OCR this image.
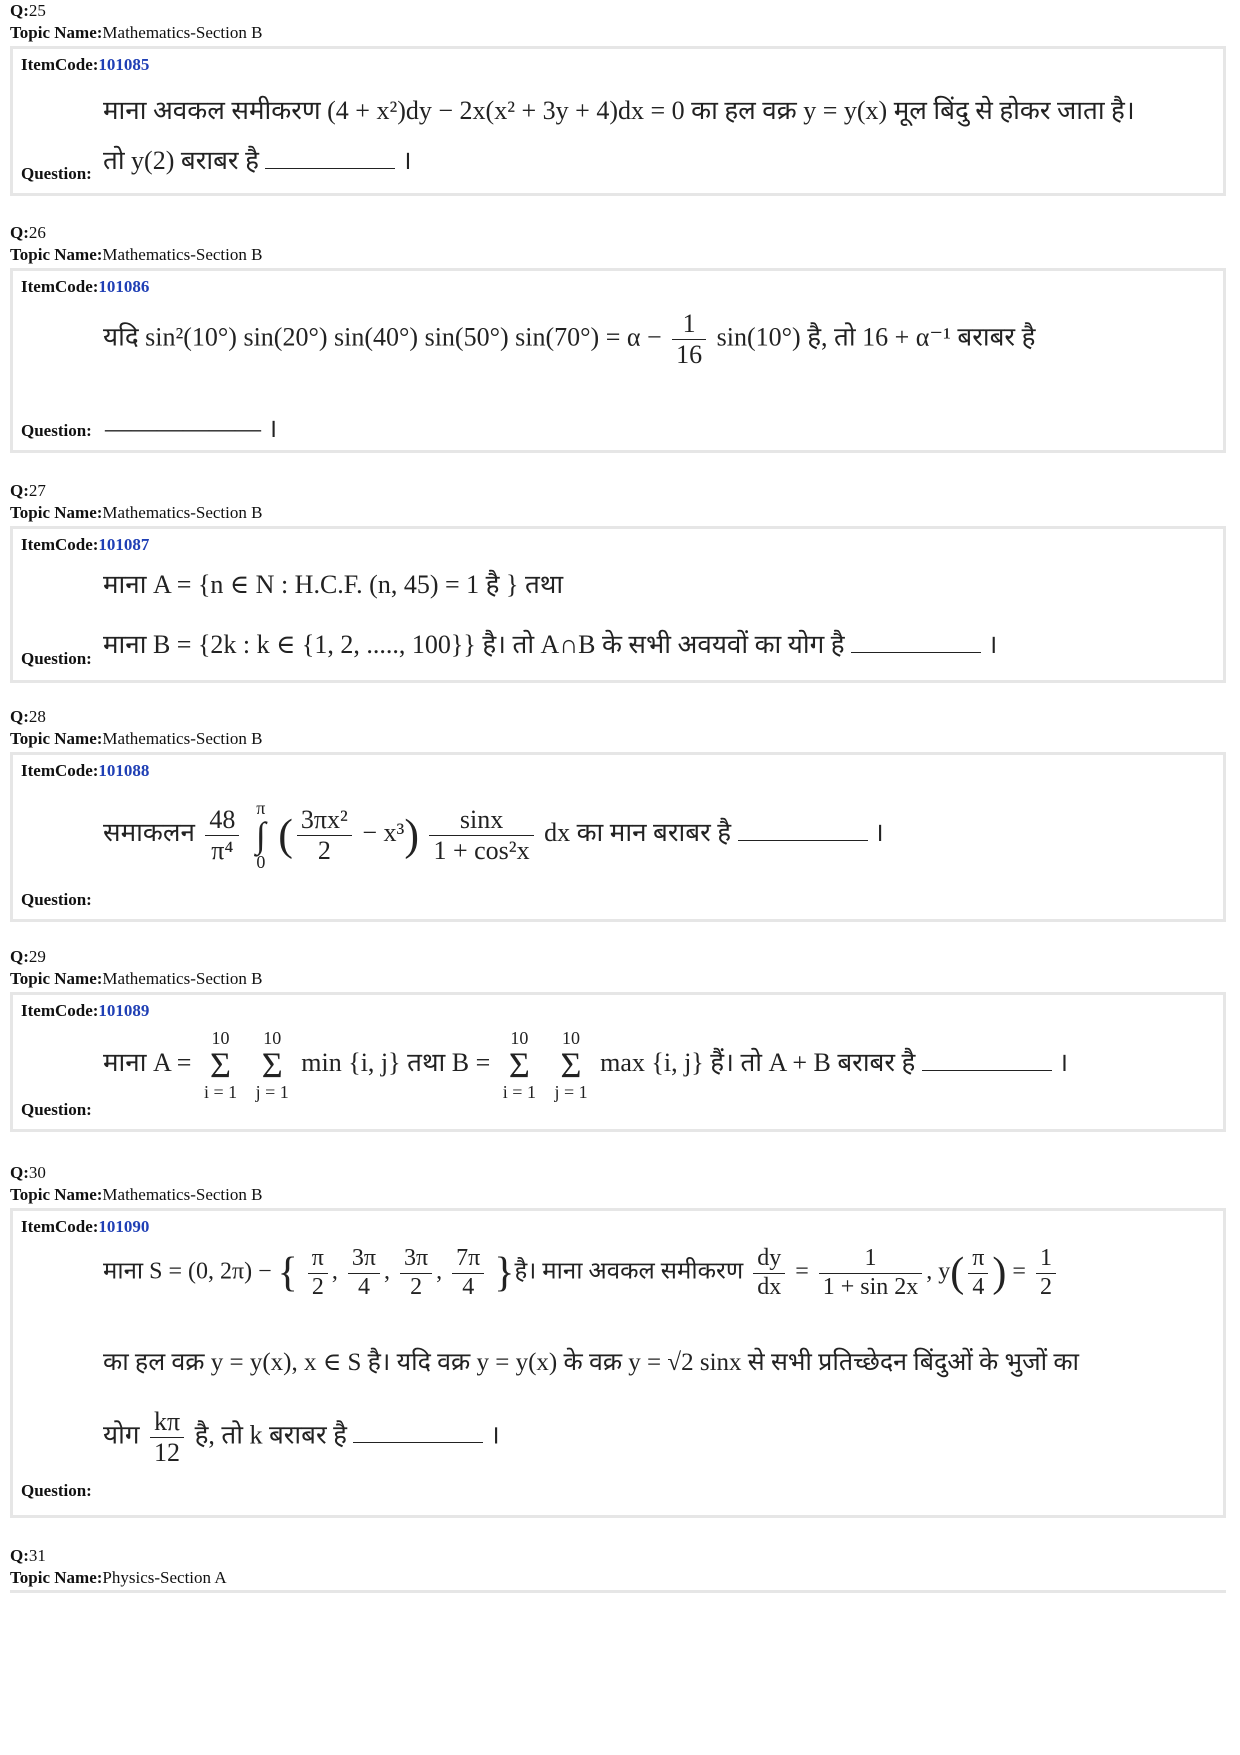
Q:25
Topic Name:Mathematics-Section B
ItemCode:101085
माना अवकल समीकरण (4 + x²)dy − 2x(x² + 3y + 4)dx = 0 का हल वक्र y = y(x) मूल बिंदु से होकर जाता है।
तो y(2) बराबर है	।
Question:
Q:26
Topic Name:Mathematics-Section B
ItemCode:101086
यदि sin²(10°) sin(20°) sin(40°) sin(50°) $\sin(70^\circ) = \alpha - \frac{1}{16} \sin(10^\circ)$ है, तो 16 + α⁻¹ बराबर है
Question: —————— ।
Q:27
Topic Name:Mathematics-Section B
ItemCode:101087
माना A = {n ∈ N : H.C.F. (n, 45) = 1 है } तथा
माना B = {2k : k ∈ {1, 2, ....., 100}} है। तो A∩B के सभी अवयवों का योग है	।
Question:
Q:28
Topic Name:Mathematics-Section B
ItemCode:101088
समाकलन $\frac{48}{\text{π⁴}}$
π
∫
0
( $\frac{\text{3πx²}}{2} - x^3) \frac{\sin x}{\text{1 + cos²x}}$ dx का मान बराबर है	।
Question:
Q:29
Topic Name:Mathematics-Section B
ItemCode:101089
माना A =
10
Σ
i = 1

10
Σ
j = 1
min {i, j} तथा B =
10
Σ
i = 1

10
Σ
j = 1
max {i, j} हैं। तो A + B बराबर है	।
Question:
Q:30
Topic Name:Mathematics-Section B
ItemCode:101090
माना S = (0, 2π) − { $\frac{\pi}{2}$ , $\frac{3\pi}{4}$ , $\frac{3\pi}{2}$ , $\frac{7\pi}{4}$ }है। माना अवकल समीकरण $\frac{dy}{dx} = \frac{1}{1 + \sin 2x}$ , $y( \frac{\pi}{4}$ ) = $\frac{1}{2}$
का हल वक्र y = y(x), x ∈ S है। यदि वक्र y = y(x) के वक्र y = √2 sinx से सभी प्रतिच्छेदन बिंदुओं के भुजों का
योग $\frac{k\pi}{12}$ है, तो k बराबर है	।
Question:
Q:31
Topic Name:Physics-Section A
